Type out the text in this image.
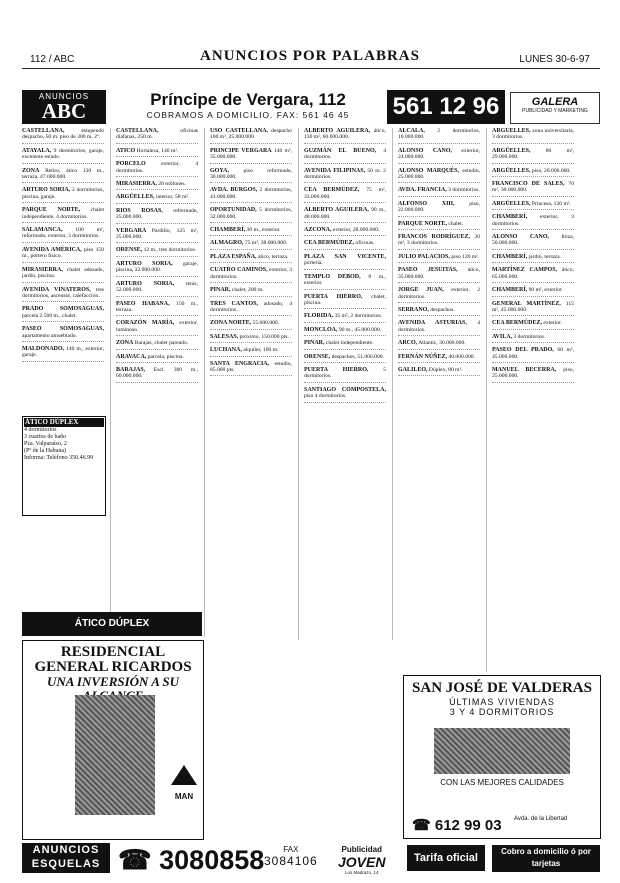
112 / ABC	ANUNCIOS POR PALABRAS	LUNES 30-6-97
ANUNCIOS
ABC	Príncipe de Vergara, 112
COBRAMOS A DOMICILIO. FAX: 561 46 45	561 12 96	GALERA
PUBLICIDAD Y MARKETING
CASTELLANA,	estupendo despacho, 50 m. piso de 300 m. 2º.
ATAYALA, 9 dormitorios, garaje, excelente estado.
ZONA Retiro, ático 130 m., terraza, 47.000.000.
ARTURO SORIA, 2 dormitorios, piscina, garaje.
PARQUE NORTE, chalet independiente, 4 dormitorios.
SALAMANCA, 100 m², reformado, exterior, 3 dormitorios.
AVENIDA AMÉRICA, piso 150 m., portero físico.
MIRASIERRA, chalet adosado, jardín, piscina.
AVENIDA VINATEROS, tres dormitorios, ascensor, calefacción.
PRADO SOMOSAGUAS, parcela 2.500 m., chalet.
PASEO SOMOSAGUAS, apartamento amueblado.
MALDONADO, 140 m., exterior, garaje.
CASTELLANA,	oficinas diáfanas, 250 m.
ATICO Hortaleza, 140 m².
PORCELO	exterior, 4 dormitorios.
MIRASIERRA, 20 millones.
ARGÜELLES, interior, 58 m².
RIOS ROSAS, reformado, 25.000.000.
VERGARA Pardillo, 125 m², 25.000.000.
ORENSE, 12 m., tres dormitorios.
ARTURO SORIA, garaje, piscina, 32.000.000.
ARTURO SORIA, tenis, 52.000.000.
PASEO HABANA, 150 m., terraza.
CORAZÓN MARÍA, exterior, luminoso.
ZONA Barajas, chalet pareado.
ARAVACA, parcela, piscina.
BARAJAS, Escl. 300 m., 60.000.000.
USO CASTELLANA, despacho 100 m², 25.000.000.
PRINCIPE VERGARA 140 m², 35.000.000.
GOYA,	piso reformado, 30.000.000.
AVDA. BURGOS, 2 dormitorios, 43.000.000.
OPORTUNIDAD, 5 dormitorios, 32.000.000.
CHAMBERÍ, 30 m., exterior.
ALMAGRO, 75 m², 38.000.000.
PLAZA ESPAÑA, ático, terraza.
CUATRO CAMINOS, exterior, 3 dormitorios.
PINAR, chalet, 200 m.
TRES CANTOS, adosado, 4 dormitorios.
ZONA NORTE, 55.000.000.
SALESAS, próximo, 150.000 pts.
LUCHANA, alquiler, 100 m.
SANTA ENGRACIA, estudio, 85.000 pts.
ALBERTO AGUILERA, ático, 130 m², 60.000.000.
GUZMÁN EL BUENO, 4 dormitorios.
AVENIDA FILIPINAS, 50 m. 2 dormitorios.
CEA BERMÚDEZ, 75 m², 33.000.000.
ALBERTO AGUILERA, 90 m., 48.000.000.
AZCONA, exterior, 28.000.000.
CEA BERMÚDEZ, oficinas.
PLAZA SAN VICENTE, portería.
TEMPLO DEBOD, 8 m., exterior.
PUERTA HIERRO, chalet, piscina.
FLORIDA, 35 m², 2 dormitorios.
MONCLOA, 90 m., 45.000.000.
PINAR, chalet independiente.
ORENSE, despachos, 51.000.000.
PUERTA HIERRO,	5 dormitorios.
SANTIAGO COMPOSTELA, piso 4 dormitorios.
ALCALÁ, 2 dormitorios, 18.000.000.
ALONSO CANO, exterior, 24.000.000.
ALONSO MARQUÉS, estudio, 25.000.000.
AVDA. FRANCIA, 3 dormitorios.
ALFONSO XIII,	piso, 22.000.000.
PARQUE NORTE, chalet.
FRANCOS RODRÍGUEZ, 30 m², 3 dormitorios.
JULIO PALACIOS, piso 120 m².
PASEO JESUITAS, ático, 35.000.000.
JORGE JUAN, exterior, 2 dormitorios.
SERRANO, despachos.
AVENIDA ASTURIAS, 4 dormitorios.
ARCO, Atlantic, 30.000.000.
FERNÁN NÚÑEZ, 40.000.000.
GALILEO, Dúplex, 80 m².
ARGÜELLES, zona universitaria, 3 dormitorios.
ARGÜELLES,	80 m², 29.000.000.
ARGÜELLES, piso, 28.000.000.
FRANCISCO DE SALES, 70 m², 30.000.000.
ARGÜELLES, Princesa, 120 m².
CHAMBERÍ, exterior, 3 dormitorios.
ALONSO CANO, Ibiza, 50.000.000.
CHAMBERÍ, jardín, terraza.
MARTÍNEZ CAMPOS, ático, 65.000.000.
CHAMBERÍ, 90 m², exterior.
GENERAL MARTÍNEZ, 115 m², 45.000.000.
CEA BERMÚDEZ, exterior.
AVILA, 3 dormitorios.
PASEO DEL PRADO, 60 m², 45.000.000.
MANUEL BECERRA, piso, 25.000.000.
ÁTICO DÚPLEX
4 dormitorios
3 cuartos de baño
Pza. Valparaíso, 2
(Pº de la Habana)
Informa: Teléfono 350.46.99
ÁTICO DÚPLEX
RESIDENCIAL GENERAL RICARDOS
UNA INVERSIÓN A SU
MAN
SAN JOSÉ DE VALDERAS
ÚLTIMAS VIVIENDAS
3 Y 4 DORMITORIOS
CON LAS MEJORES CALIDADES
☎ 612 99 03 Avda. de la Libertad
ANUNCIOS
ESQUELAS ☎ 3080858	FAX
3084106
Publicidad
JOVEN
Los Madrazo, 14
Tarifa oficial
Cobro a domicilio ó por tarjetas
